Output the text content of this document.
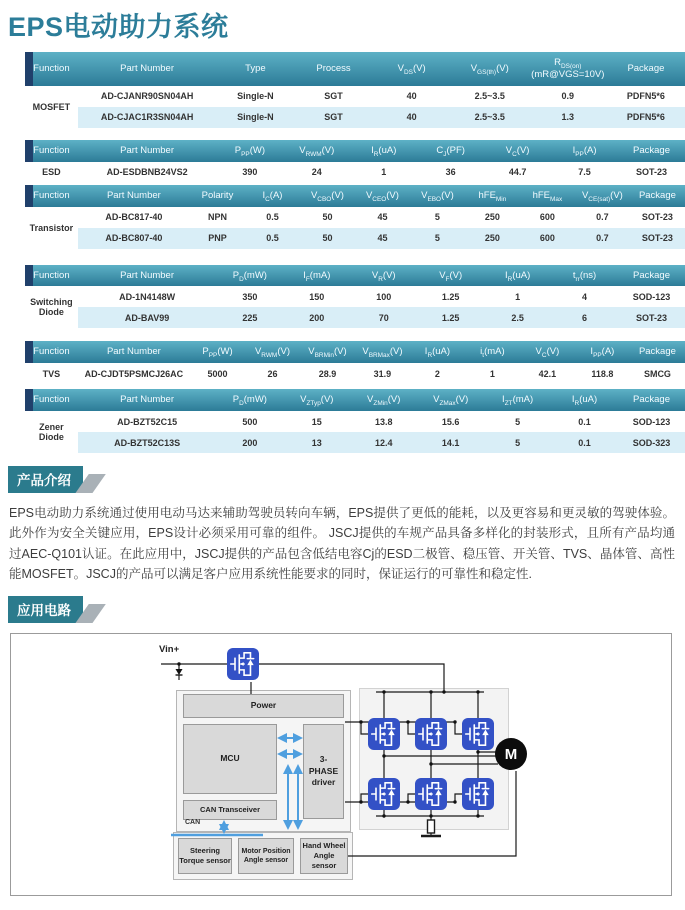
EPS电动助力系统
Function	Part Number	Type	Process	$V_{DS}(V)$	$V_{GS(th)}(V)$	$R_{DS(on)}$
(mR@VGS=10V)	Package
MOSFET	AD-CJANR90SN04AH	Single-N	SGT	40	2.5~3.5	0.9	PDFN5*6
	AD-CJAC1R3SN04AH	Single-N	SGT	40	2.5~3.5	1.3	PDFN5*6
Function	Part Number	$P_{PP}(W)$	$V_{RWM}(V)$	$I_R(uA)$	$C_J(PF)$	$V_C(V)$	$I_{PP}(A)$	Package
ESD	AD-ESDBNB24VS2	390	24	1	36	44.7	7.5	SOT-23
Function	Part Number	Polarity	$I_C(A)$	$V_{CBO}(V)$	$V_{CEO}(V)$	$V_{EBO}(V)$	hFE$_{Min}$	hFE$_{Max}$	$V_{CE(sat)}(V)$	Package
Transistor	AD-BC817-40	NPN	0.5	50	45	5	250	600	0.7	SOT-23
	AD-BC807-40	PNP	0.5	50	45	5	250	600	0.7	SOT-23
Function	Part Number	$P_D(mW)$	$I_F(mA)$	$V_R(V)$	$V_F(V)$	$I_R(uA)$	$t_{rr}(ns)$	Package
Switching Diode	AD-1N4148W	350	150	100	1.25	1	4	SOD-123
	AD-BAV99	225	200	70	1.25	2.5	6	SOT-23
Function	Part Number	$P_{PP}(W)$	$V_{RWM}(V)$	$V_{BRMin}(V)$	$V_{BRMax}(V)$	$I_R(uA)$	$i_t(mA)$	$V_C(V)$	$I_{PP}(A)$	Package
TVS	AD-CJDT5PSMCJ26AC	5000	26	28.9	31.9	2	1	42.1	118.8	SMCG
Function	Part Number	$P_D(mW)$	$V_{ZTyp}(V)$	$V_{ZMin}(V)$	$V_{ZMax}(V)$	$I_{ZT}(mA)$	$I_R(uA)$	Package
Zener Diode	AD-BZT52C15	500	15	13.8	15.6	5	0.1	SOD-123
	AD-BZT52C13S	200	13	12.4	14.1	5	0.1	SOD-323
产品介绍
EPS电动助力系统通过使用电动马达来辅助驾驶员转向车辆，EPS提供了更低的能耗，以及更容易和更灵敏的驾驶体验。此外作为安全关键应用，EPS设计必须采用可靠的组件。 JSCJ提供的车规产品具备多样化的封装形式，且所有产品均通过AEC-Q101认证。在此应用中，JSCJ提供的产品包含低结电容Cj的ESD二极管、稳压管、开关管、TVS、晶体管、高性能MOSFET。JSCJ的产品可以满足客户应用系统性能要求的同时，保证运行的可靠性和稳定性.
应用电路
Vin+
Power
MCU	3-
PHASE
driver
CAN Transceiver
CAN
Steering Torque sensor
Motor Position Angle sensor
Hand Wheel Angle sensor
M
